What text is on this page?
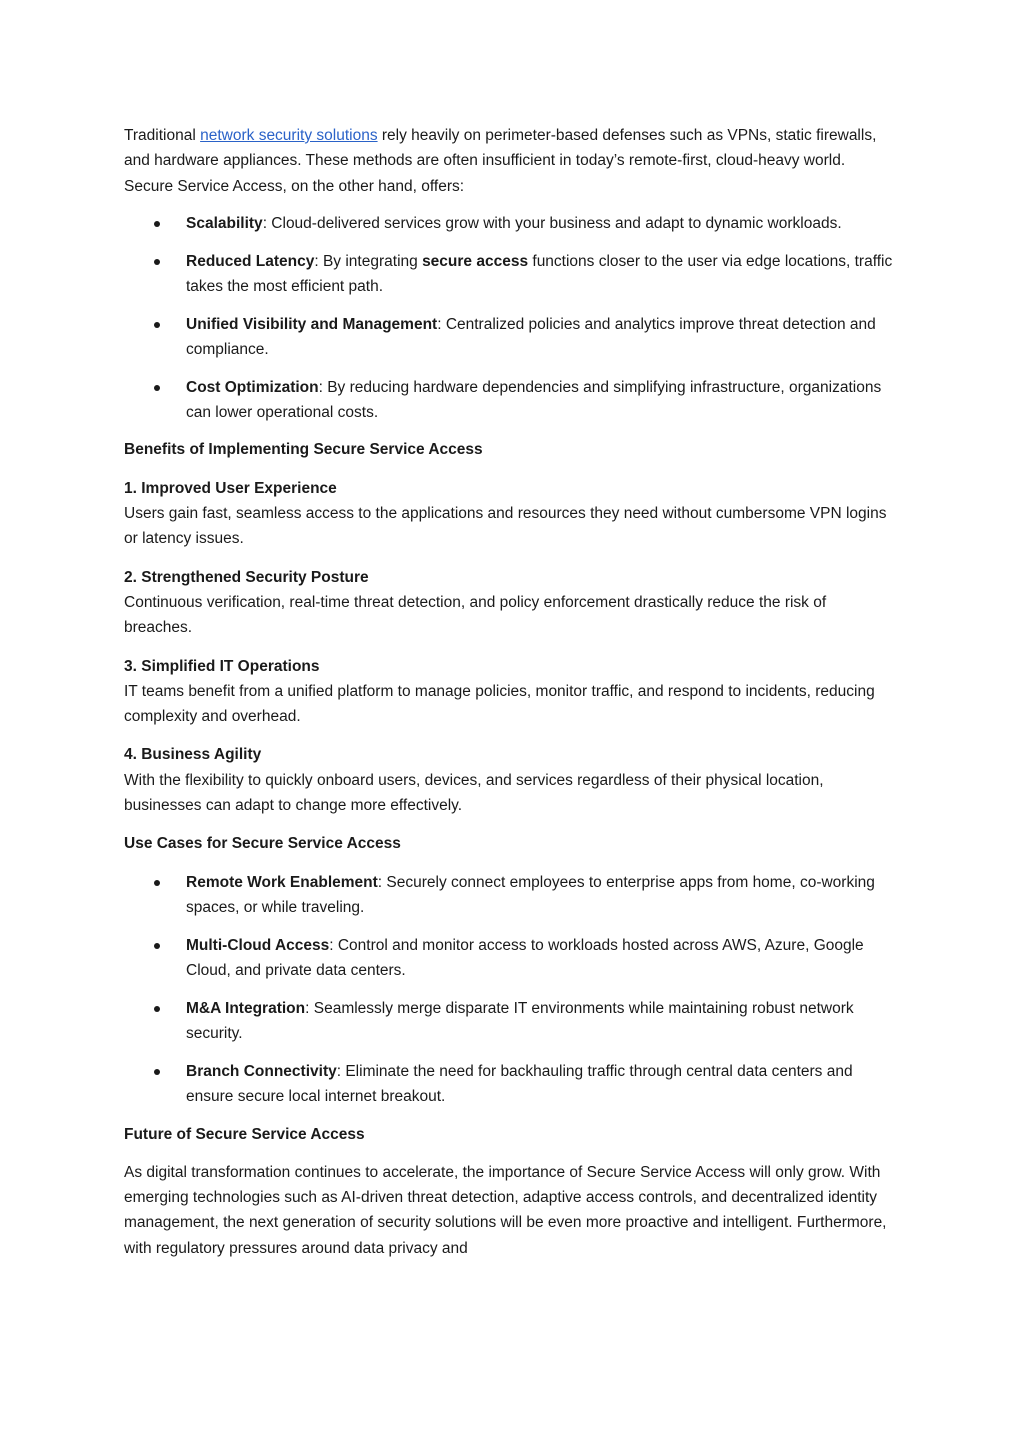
Traditional network security solutions rely heavily on perimeter-based defenses such as VPNs, static firewalls, and hardware appliances. These methods are often insufficient in today’s remote-first, cloud-heavy world. Secure Service Access, on the other hand, offers:

Scalability: Cloud-delivered services grow with your business and adapt to dynamic workloads.
Reduced Latency: By integrating secure access functions closer to the user via edge locations, traffic takes the most efficient path.
Unified Visibility and Management: Centralized policies and analytics improve threat detection and compliance.
Cost Optimization: By reducing hardware dependencies and simplifying infrastructure, organizations can lower operational costs.

Benefits of Implementing Secure Service Access

1. Improved User Experience

Users gain fast, seamless access to the applications and resources they need without cumbersome VPN logins or latency issues.

2. Strengthened Security Posture

Continuous verification, real-time threat detection, and policy enforcement drastically reduce the risk of breaches.

3. Simplified IT Operations

IT teams benefit from a unified platform to manage policies, monitor traffic, and respond to incidents, reducing complexity and overhead.

4. Business Agility

With the flexibility to quickly onboard users, devices, and services regardless of their physical location, businesses can adapt to change more effectively.

Use Cases for Secure Service Access

Remote Work Enablement: Securely connect employees to enterprise apps from home, co-working spaces, or while traveling.
Multi-Cloud Access: Control and monitor access to workloads hosted across AWS, Azure, Google Cloud, and private data centers.
M&A Integration: Seamlessly merge disparate IT environments while maintaining robust network security.
Branch Connectivity: Eliminate the need for backhauling traffic through central data centers and ensure secure local internet breakout.

Future of Secure Service Access

As digital transformation continues to accelerate, the importance of Secure Service Access will only grow. With emerging technologies such as AI-driven threat detection, adaptive access controls, and decentralized identity management, the next generation of security solutions will be even more proactive and intelligent. Furthermore, with regulatory pressures around data privacy and
